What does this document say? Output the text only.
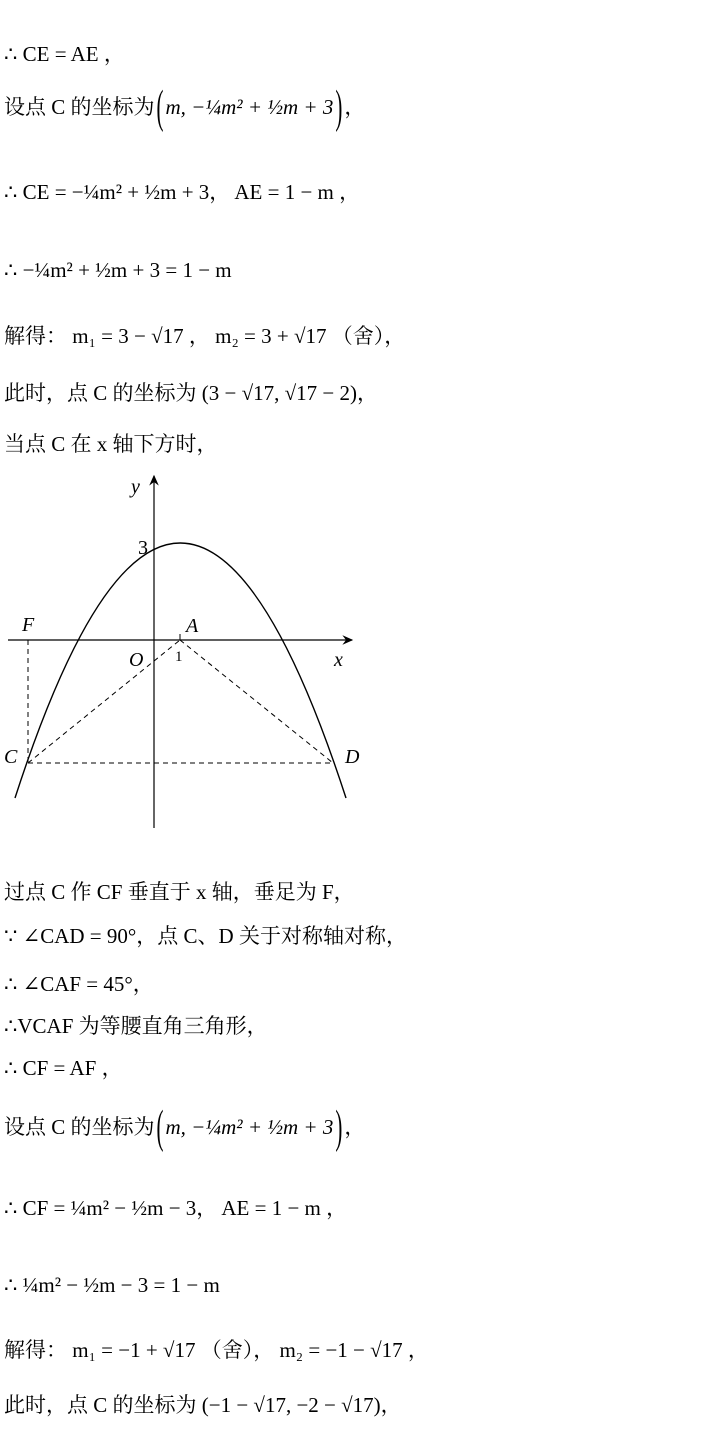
∴ CE = AE ，
设点 C 的坐标为(m, −¼m² + ½m + 3)，
∴ CE = −¼m² + ½m + 3， AE = 1 − m ，
∴ −¼m² + ½m + 3 = 1 − m
解得： m₁ = 3 − √17 ， m₂ = 3 + √17 （舍），
此时，点 C 的坐标为 (3 − √17, √17 − 2)，
当点 C 在 x 轴下方时，
y
x
O
3
1
A
F
C	D
过点 C 作 CF 垂直于 x 轴，垂足为 F，
∵ ∠CAD = 90°，点 C、D 关于对称轴对称，
∴ ∠CAF = 45°，
∴VCAF 为等腰直角三角形，
∴ CF = AF ，
设点 C 的坐标为(m, −¼m² + ½m + 3)，
∴ CF = ¼m² − ½m − 3， AE = 1 − m ，
∴ ¼m² − ½m − 3 = 1 − m
解得： m₁ = −1 + √17 （舍）， m₂ = −1 − √17 ，
此时，点 C 的坐标为 (−1 − √17, −2 − √17)，
